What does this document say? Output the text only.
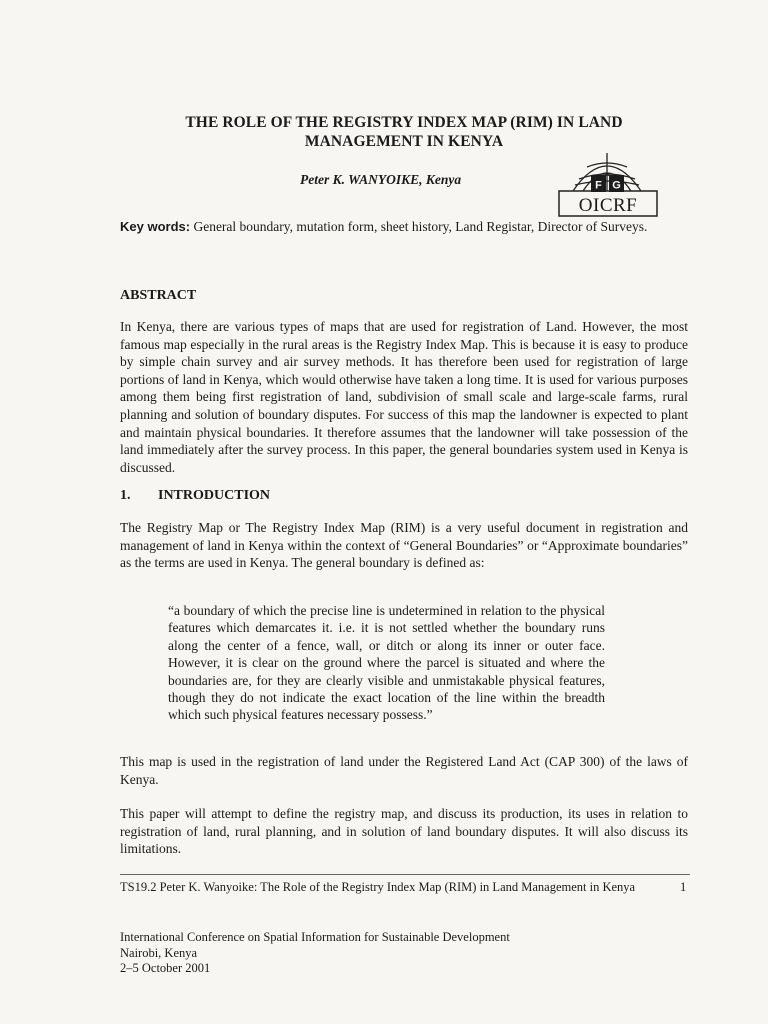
THE ROLE OF THE REGISTRY INDEX MAP (RIM) IN LAND
MANAGEMENT IN KENYA
Peter K. WANYOIKE, Kenya	F G
OICRF
Key words: General boundary, mutation form, sheet history, Land Registar, Director of Surveys.
ABSTRACT

In Kenya, there are various types of maps that are used for registration of Land. However, the most famous map especially in the rural areas is the Registry Index Map. This is because it is easy to produce by simple chain survey and air survey methods. It has therefore been used for registration of large portions of land in Kenya, which would otherwise have taken a long time. It is used for various purposes among them being first registration of land, subdivision of small scale and large-scale farms, rural planning and solution of boundary disputes. For success of this map the landowner is expected to plant and maintain physical boundaries. It therefore assumes that the landowner will take possession of the land immediately after the survey process. In this paper, the general boundaries system used in Kenya is discussed.

1. INTRODUCTION

The Registry Map or The Registry Index Map (RIM) is a very useful document in registration and management of land in Kenya within the context of “General Boundaries” or “Approximate boundaries” as the terms are used in Kenya. The general boundary is defined as:

“a boundary of which the precise line is undetermined in relation to the physical features which demarcates it. i.e. it is not settled whether the boundary runs along the center of a fence, wall, or ditch or along its inner or outer face. However, it is clear on the ground where the parcel is situated and where the boundaries are, for they are clearly visible and unmistakable physical features, though they do not indicate the exact location of the line within the breadth which such physical features necessary possess.”

This map is used in the registration of land under the Registered Land Act (CAP 300) of the laws of Kenya.

This paper will attempt to define the registry map, and discuss its production, its uses in relation to registration of land, rural planning, and in solution of land boundary disputes. It will also discuss its limitations.

TS19.2 Peter K. Wanyoike: The Role of the Registry Index Map (RIM) in Land Management in Kenya	1
International Conference on Spatial Information for Sustainable Development
Nairobi, Kenya
2–5 October 2001
